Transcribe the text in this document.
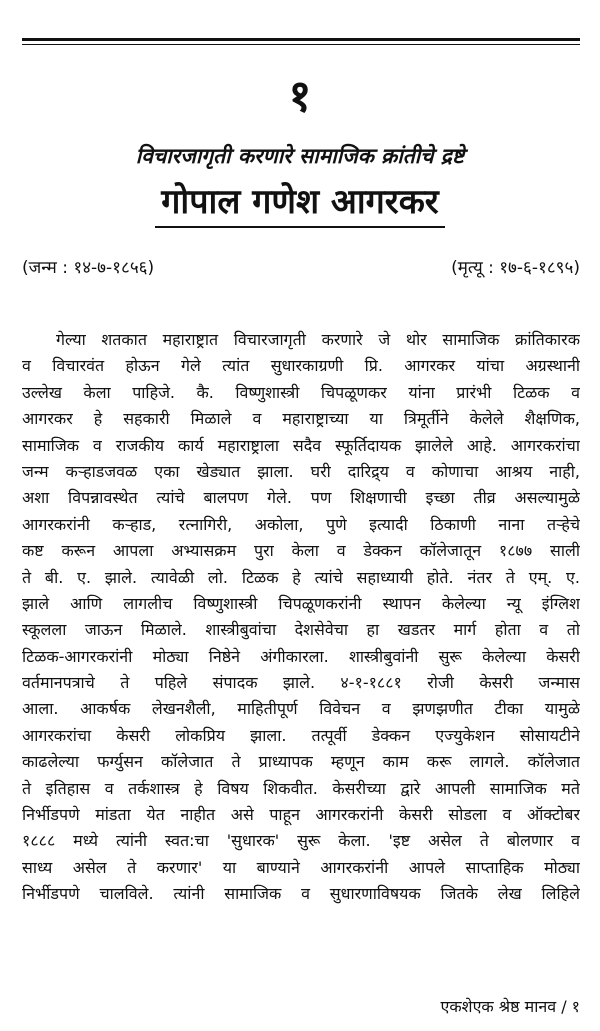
१
विचारजागृती करणारे सामाजिक क्रांतीचे द्रष्टे
गोपाल गणेश आगरकर
(जन्म : १४-७-१८५६)	(मृत्यू : १७-६-१८९५)
गेल्या शतकात महाराष्ट्रात विचारजागृती करणारे जे थोर सामाजिक क्रांतिकारक
व विचारवंत होऊन गेले त्यांत सुधारकाग्रणी प्रि. आगरकर यांचा अग्रस्थानी
उल्लेख केला पाहिजे. कै. विष्णुशास्त्री चिपळूणकर यांना प्रारंभी टिळक व
आगरकर हे सहकारी मिळाले व महाराष्ट्राच्या या त्रिमूर्तीने केलेले शैक्षणिक,
सामाजिक व राजकीय कार्य महाराष्ट्राला सदैव स्फूर्तिदायक झालेले आहे. आगरकरांचा
जन्म कऱ्हाडजवळ एका खेड्यात झाला. घरी दारिद्र्य व कोणाचा आश्रय नाही,
अशा विपन्नावस्थेत त्यांचे बालपण गेले. पण शिक्षणाची इच्छा तीव्र असल्यामुळे
आगरकरांनी कऱ्हाड, रत्नागिरी, अकोला, पुणे इत्यादी ठिकाणी नाना तऱ्हेचे
कष्ट करून आपला अभ्यासक्रम पुरा केला व डेक्कन कॉलेजातून १८७७ साली
ते बी. ए. झाले. त्यावेळी लो. टिळक हे त्यांचे सहाध्यायी होते. नंतर ते एम्. ए.
झाले आणि लागलीच विष्णुशास्त्री चिपळूणकरांनी स्थापन केलेल्या न्यू इंग्लिश
स्कूलला जाऊन मिळाले. शास्त्रीबुवांचा देशसेवेचा हा खडतर मार्ग होता व तो
टिळक-आगरकरांनी मोठ्या निष्ठेने अंगीकारला. शास्त्रीबुवांनी सुरू केलेल्या केसरी
वर्तमानपत्राचे ते पहिले संपादक झाले. ४-१-१८८१ रोजी केसरी जन्मास
आला. आकर्षक लेखनशैली, माहितीपूर्ण विवेचन व झणझणीत टीका यामुळे
आगरकरांचा केसरी लोकप्रिय झाला. तत्पूर्वी डेक्कन एज्युकेशन सोसायटीने
काढलेल्या फर्ग्युसन कॉलेजात ते प्राध्यापक म्हणून काम करू लागले. कॉलेजात
ते इतिहास व तर्कशास्त्र हे विषय शिकवीत. केसरीच्या द्वारे आपली सामाजिक मते
निर्भीडपणे मांडता येत नाहीत असे पाहून आगरकरांनी केसरी सोडला व ऑक्टोबर
१८८८ मध्ये त्यांनी स्वत:चा 'सुधारक' सुरू केला. 'इष्ट असेल ते बोलणार व
साध्य असेल ते करणार' या बाण्याने आगरकरांनी आपले साप्ताहिक मोठ्या
निर्भीडपणे चालविले. त्यांनी सामाजिक व सुधारणाविषयक जितके लेख लिहिले
एकशेएक श्रेष्ठ मानव / १
